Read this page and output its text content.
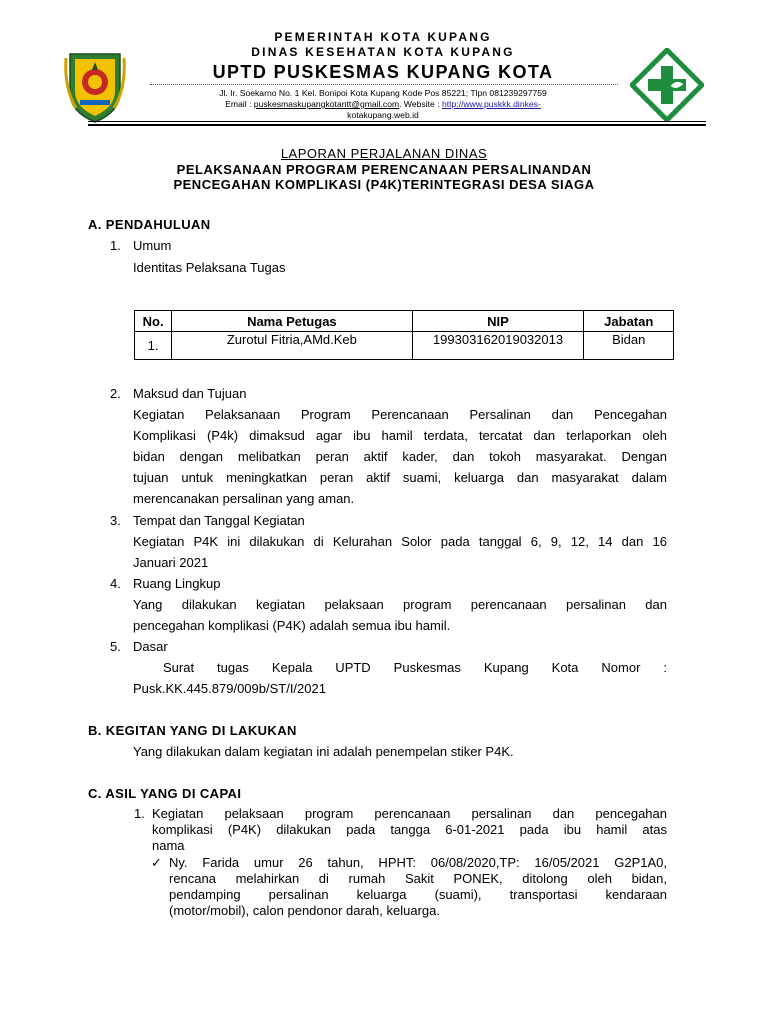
PEMERINTAH KOTA KUPANG
DINAS KESEHATAN KOTA KUPANG
UPTD PUSKESMAS KUPANG KOTA
Jl. Ir. Soekarno No. 1 Kel. Bonipoi Kota Kupang Kode Pos 85221; Tlpn 081239297759
Email : puskesmaskupangkotantt@gmail.com. Website : http://www.puskkk.dinkes-
kotakupang.web.id
LAPORAN PERJALANAN DINAS
PELAKSANAAN PROGRAM PERENCANAAN PERSALINANDAN
PENCEGAHAN KOMPLIKASI (P4K)TERINTEGRASI DESA SIAGA
A. PENDAHULUAN
1. Umum
Identitas Pelaksana Tugas
No.	Nama Petugas	NIP	Jabatan
1.	Zurotul Fitria,AMd.Keb	199303162019032013	Bidan
2. Maksud dan Tujuan
Kegiatan Pelaksanaan Program Perencanaan Persalinan dan Pencegahan
Komplikasi (P4k) dimaksud agar ibu hamil terdata, tercatat dan terlaporkan oleh
bidan dengan melibatkan peran aktif kader, dan tokoh masyarakat. Dengan
tujuan untuk meningkatkan peran aktif suami, keluarga dan masyarakat dalam
merencanakan persalinan yang aman.
3. Tempat dan Tanggal Kegiatan
Kegiatan P4K ini dilakukan di Kelurahan Solor pada tanggal 6, 9, 12, 14 dan 16
Januari 2021
4. Ruang Lingkup
Yang dilakukan kegiatan pelaksaan program perencanaan persalinan dan
pencegahan komplikasi (P4K) adalah semua ibu hamil.
5. Dasar
Surat tugas Kepala UPTD Puskesmas Kupang Kota Nomor :
Pusk.KK.445.879/009b/ST/I/2021
B. KEGITAN YANG DI LAKUKAN
Yang dilakukan dalam kegiatan ini adalah penempelan stiker P4K.
C. ASIL YANG DI CAPAI
1. Kegiatan pelaksaan program perencanaan persalinan dan pencegahan
komplikasi (P4K) dilakukan pada tangga 6-01-2021 pada ibu hamil atas
nama
✓ Ny. Farida umur 26 tahun, HPHT: 06/08/2020,TP: 16/05/2021 G2P1A0,
rencana melahirkan di rumah Sakit PONEK, ditolong oleh bidan,
pendamping persalinan keluarga (suami), transportasi kendaraan
(motor/mobil), calon pendonor darah, keluarga.
